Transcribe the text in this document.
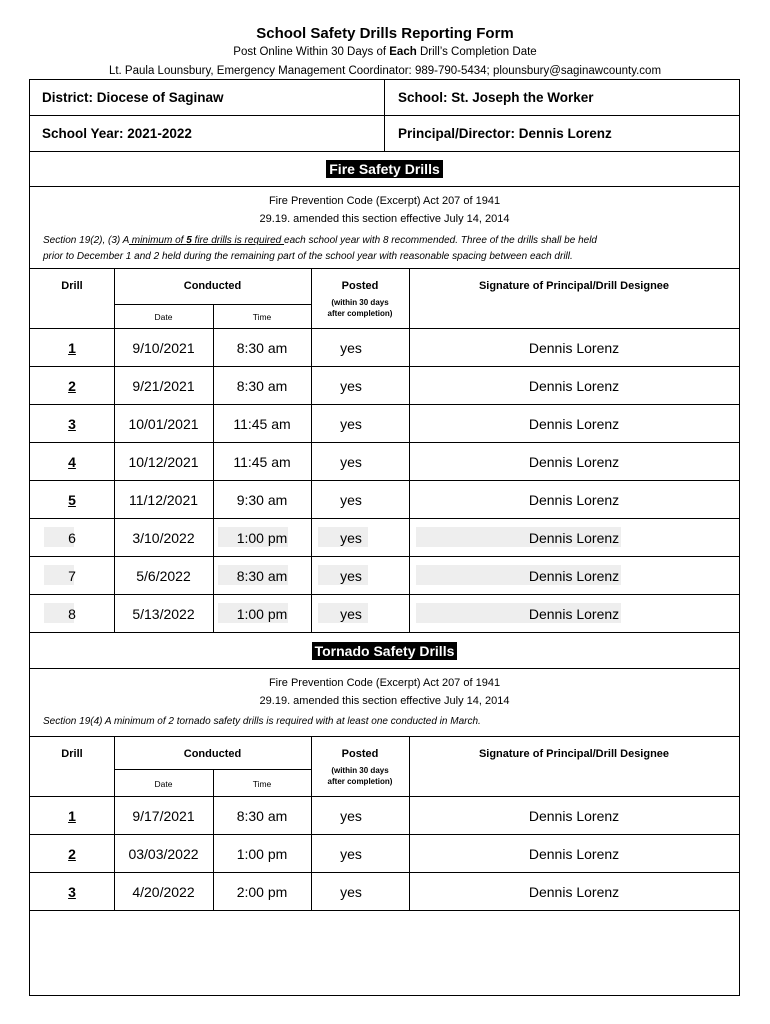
School Safety Drills Reporting Form
Post Online Within 30 Days of Each Drill’s Completion Date
Lt. Paula Lounsbury, Emergency Management Coordinator: 989-790-5434; plounsbury@saginawcounty.com
District: Diocese of Saginaw	School: St. Joseph the Worker
School Year: 2021-2022	Principal/Director: Dennis Lorenz
Fire Safety Drills
Fire Prevention Code (Excerpt) Act 207 of 1941
29.19. amended this section effective July 14, 2014
Section 19(2), (3) A minimum of 5 fire drills is required each school year with 8 recommended. Three of the drills shall be held
prior to December 1 and 2 held during the remaining part of the school year with reasonable spacing between each drill.
Drill	Conducted
Date	Time
Posted
(within 30 days
after completion)
Signature of Principal/Drill Designee
1	9/10/2021	8:30 am	yes	Dennis Lorenz
2	9/21/2021	8:30 am	yes	Dennis Lorenz
3	10/01/2021	11:45 am	yes	Dennis Lorenz
4	10/12/2021	11:45 am	yes	Dennis Lorenz
5	11/12/2021	9:30 am	yes	Dennis Lorenz
6	3/10/2022	1:00 pm	yes	Dennis Lorenz
7	5/6/2022	8:30 am	yes	Dennis Lorenz
8	5/13/2022	1:00 pm	yes	Dennis Lorenz
Tornado Safety Drills
Fire Prevention Code (Excerpt) Act 207 of 1941
29.19. amended this section effective July 14, 2014
Section 19(4) A minimum of 2 tornado safety drills is required with at least one conducted in March.
Drill	Conducted
Date	Time
Posted
(within 30 days
after completion)
Signature of Principal/Drill Designee
1	9/17/2021	8:30 am	yes	Dennis Lorenz
2	03/03/2022	1:00 pm	yes	Dennis Lorenz
3	4/20/2022	2:00 pm	yes	Dennis Lorenz
